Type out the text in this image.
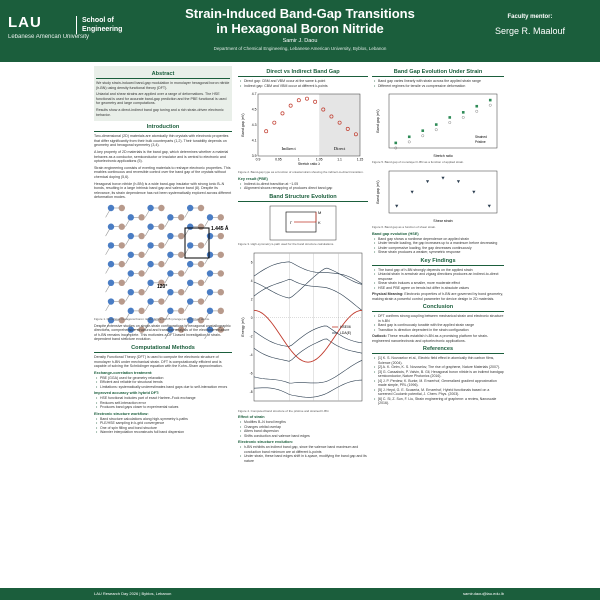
LAU
Lebanese American University
School of
Engineering
Strain-Induced Band-Gap Transitions
in Hexagonal Boron Nitride
Samir J. Daou
Department of Chemical Engineering, Lebanese American University, Byblos, Lebanon
Faculty mentor:
Serge R. Maalouf
Abstract
We study strain-induced band-gap modulation in monolayer hexagonal boron nitride (h-BN) using density functional theory (DFT).
Uniaxial and shear strains are applied over a range of deformations. The HSE functional is used for accurate band-gap prediction and the PBE functional is used for geometry and large computations.
Results show a direct-indirect band gap tuning and a rich strain-driven electronic behavior.
Introduction
Two-dimensional (2D) materials are atomically thin crystals with electronic properties that differ significantly from their bulk counterparts (1,2). Their tunability depends on geometry and hexagonal symmetry (3,4).
A key property of 2D materials is the band gap, which determines whether a material behaves as a conductor, semiconductor or insulator and is central to electronic and optoelectronic applications (5).
Strain engineering consists of exerting materials to reshape electronic properties. This enables continuous and reversible control over the band gap of the crystals without chemical doping (5,6).
Hexagonal boron nitride (h-BN) is a wide band-gap insulator with strong ionic B–N bonds, resulting in a large intrinsic band gap and valence band (8). Despite its relevance, its strain dependence has not been systematically explored across different deformation modes.
1.445 Å
120°
Figure 1. Monolayer hexagonal boron nitride lattice with B (orange) and N (blue) atoms.
Despite extensive studies on single-strain configurations in hexagonal crystallographic directions, comprehensive structural and transition analysis of the electronic structure of h-BN remains incomplete. This motivates a DFT-based investigation of strain-dependent band structure evolution.
Computational Methods
Density Functional Theory (DFT) is used to compute the electronic structure of monolayer h-BN under mechanical strain. DFT is computationally efficient and is capable of solving the Schrödinger equation with the Kohn–Sham approximation.
Exchange-correlation treatment:
• PBE (GGA) used for geometry relaxation
• Efficient and reliable for structural trends
• Limitations: systematically underestimates band gaps due to self-interaction errors
Improved accuracy with hybrid DFT:
• HSE functional includes part of exact Hartree–Fock exchange
• Reduces self-interaction error
• Produces band gaps closer to experimental values
Electronic structure workflow:
• Band structure calculations along high-symmetry k-paths
• PLE/HSE sampling in k-grid convergence
• One of spin filling and bond structure
• Wannier interpolation reconstructs full band dispersion
Direct vs Indirect Band Gap
• Direct gap: CBM and VBM occur at the same k-point
• Indirect gap: CBM and VBM occur at different k-points
Band gap (eV)
Stretch ratio λ
0.9	0.95	1	1.05	1.1	1.15
3.9
4.1
4.3
4.5
4.7
Indirect	Direct
Figure 2. Band-gap type as a function of uniaxial strain showing the indirect-to-direct transition.
Key result (PBE)
• Indirect-to-direct transition at ~1.05
• Alignment shows remapping of produces direct band gap
Band Structure Evolution
M
Γ	K
Figure 3. High-symmetry k-path used for the band structure calculations.
Energy (eV)
-8
-6
-4
-2
0
2
4
6
HSE06
LDA(E)
Figure 4. Computed band structure of the pristine and strained h-BN.
Effect of strain
• Modifies B–N bond lengths
• Changes orbital overlap
• Alters band dispersion
• Shifts conduction and valence band edges
Electronic structure evolution:
• h-BN exhibits an indirect band gap, since the valence band maximum and conduction band minimum are at different k-points
• Under strain, these band edges shift in k-space, modifying the band gap and its nature
Band Gap Evolution Under Strain
• Band gap varies linearly with strain across the applied strain range
• Different regimes for tensile vs compressive deformation
Band gap (eV)
Stretch ratio
Strained
Pristine
Figure 5. Band gap of monolayer h-BN as a function of applied strain.
Band gap (eV)
Shear strain
Figure 6. Band gap as a function of shear strain.
Band gap evolution (HSE)
• Band gap shows a nonlinear dependence on applied strain
• Under tensile loading, the gap increases up to a maximum before decreasing
• Under compressive loading, the gap decreases continuously
• Shear strain produces a weaker, symmetric response
Key Findings
• The band gap of h-BN strongly depends on the applied strain
• Uniaxial strain in armchair and zigzag directions produces an indirect-to-direct response
• Shear strain induces a smaller, more moderate effect
• HSE and PBE agree on trends but differ in absolute values
Physical Meaning: Electronic properties of h-BN are governed by bond geometry, making strain a powerful control parameter for device design in 2D materials.
Conclusion
• DFT confirms strong coupling between mechanical strain and electronic structure in h-BN
• Band gap is continuously tunable with the applied strain range
• Transition is direction dependent in the strain configuration
Outlook: These results establish h-BN as a promising platform for strain-engineered nanoelectronic and optoelectronic applications.
References
• [1] K. S. Novoselov et al., Electric field effect in atomically thin carbon films, Science (2004).
• [2] A. K. Geim, K. S. Novoselov, The rise of graphene, Nature Materials (2007).
• [3] G. Cassabois, P. Valvin, B. Gil, Hexagonal boron nitride is an indirect bandgap semiconductor, Nature Photonics (2016).
• [4] J. P. Perdew, K. Burke, M. Ernzerhof, Generalized gradient approximation made simple, PRL (1996).
• [5] J. Heyd, G. E. Scuseria, M. Ernzerhof, Hybrid functionals based on a screened Coulomb potential, J. Chem. Phys. (2003).
• [6] C. Si, Z. Sun, F. Liu, Strain engineering of graphene: a review, Nanoscale (2016).
LAU Research Day 2026 | Byblos, Lebanon	samir.daou@lau.edu.lb
